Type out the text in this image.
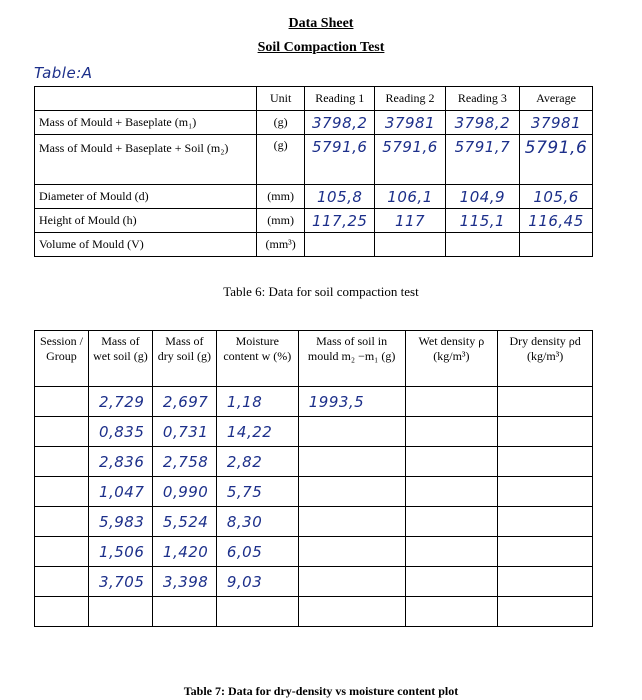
Data Sheet
Soil Compaction Test
Table:A
	Unit	Reading 1	Reading 2	Reading 3	Average
Mass of Mould + Baseplate (m₁)	(g)	3798,2	37981	3798,2	37981
Mass of Mould + Baseplate + Soil (m₂)	(g)	5791,6	5791,6	5791,7	5791,6
Diameter of Mould (d)	(mm)	105,8	106,1	104,9	105,6
Height of Mould (h)	(mm)	117,25	117	115,1	116,45
Volume of Mould (V)	(mm³)				
Table 6: Data for soil compaction test
Session / Group	Mass of wet soil (g)	Mass of dry soil (g)	Moisture content w (%)	Mass of soil in mould m₂ −m₁ (g)	Wet density ρ (kg/m³)	Dry density ρd (kg/m³)
	2,729	2,697	1,18	1993,5		
	0,835	0,731	14,22			
	2,836	2,758	2,82			
	1,047	0,990	5,75			
	5,983	5,524	8,30			
	1,506	1,420	6,05			
	3,705	3,398	9,03			

Table 7: Data for dry-density vs moisture content plot
